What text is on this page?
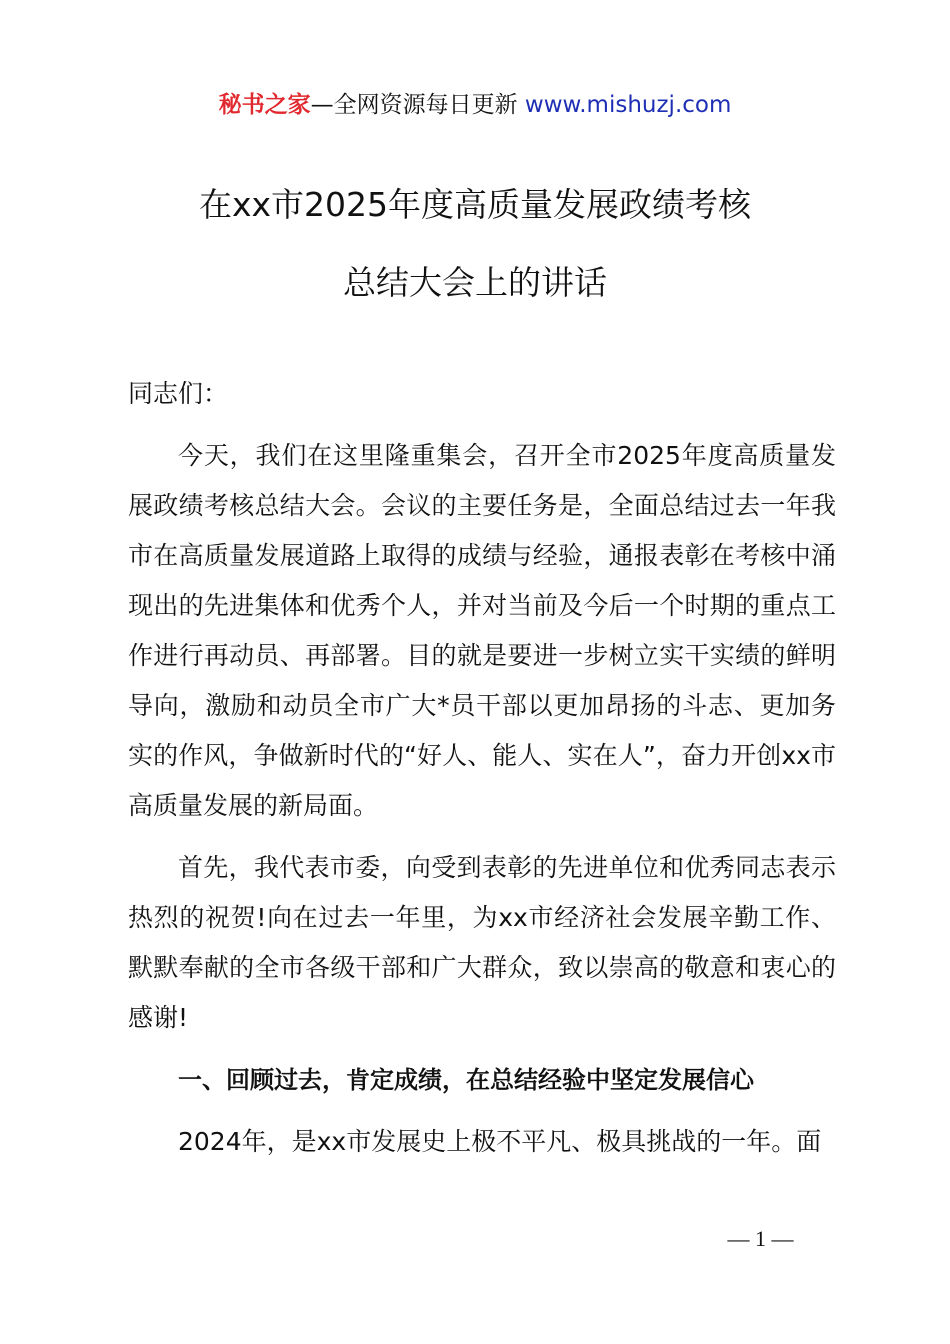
秘书之家—全网资源每日更新 www.mishuzj.com
在xx市2025年度高质量发展政绩考核
总结大会上的讲话

同志们：

今天，我们在这里隆重集会，召开全市2025年度高质量发展政绩考核总结大会。会议的主要任务是，全面总结过去一年我市在高质量发展道路上取得的成绩与经验，通报表彰在考核中涌现出的先进集体和优秀个人，并对当前及今后一个时期的重点工作进行再动员、再部署。目的就是要进一步树立实干实绩的鲜明导向，激励和动员全市广大*员干部以更加昂扬的斗志、更加务实的作风，争做新时代的“好人、能人、实在人”，奋力开创xx市高质量发展的新局面。

首先，我代表市委，向受到表彰的先进单位和优秀同志表示热烈的祝贺!向在过去一年里，为xx市经济社会发展辛勤工作、默默奉献的全市各级干部和广大群众，致以崇高的敬意和衷心的感谢!

一、回顾过去，肯定成绩，在总结经验中坚定发展信心

2024年，是xx市发展史上极不平凡、极具挑战的一年。面

— 1 —
